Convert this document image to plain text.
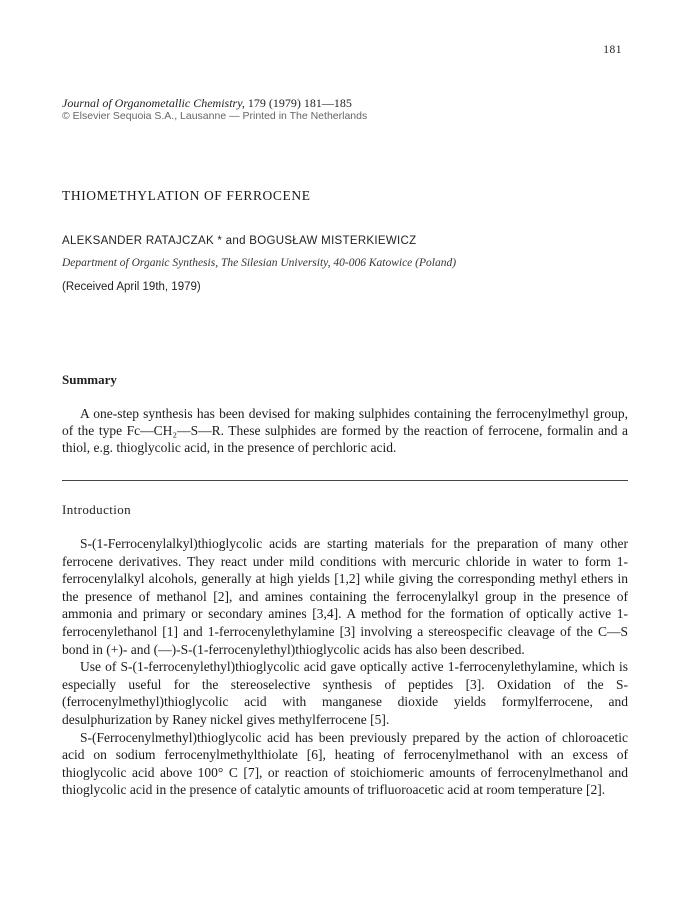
181
Journal of Organometallic Chemistry, 179 (1979) 181—185
© Elsevier Sequoia S.A., Lausanne — Printed in The Netherlands
THIOMETHYLATION OF FERROCENE
ALEKSANDER RATAJCZAK * and BOGUSŁAW MISTERKIEWICZ
Department of Organic Synthesis, The Silesian University, 40-006 Katowice (Poland)
(Received April 19th, 1979)
Summary

A one-step synthesis has been devised for making sulphides containing the ferrocenylmethyl group, of the type Fc—CH₂—S—R. These sulphides are formed by the reaction of ferrocene, formalin and a thiol, e.g. thioglycolic acid, in the presence of perchloric acid.

Introduction

S-(1-Ferrocenylalkyl)thioglycolic acids are starting materials for the preparation of many other ferrocene derivatives. They react under mild conditions with mercuric chloride in water to form 1-ferrocenylalkyl alcohols, generally at high yields [1,2] while giving the corresponding methyl ethers in the presence of methanol [2], and amines containing the ferrocenylalkyl group in the presence of ammonia and primary or secondary amines [3,4]. A method for the formation of optically active 1-ferrocenylethanol [1] and 1-ferrocenylethylamine [3] involving a stereospecific cleavage of the C—S bond in (+)- and (—)-S-(1-ferrocenylethyl)thioglycolic acids has also been described.

Use of S-(1-ferrocenylethyl)thioglycolic acid gave optically active 1-ferrocenylethylamine, which is especially useful for the stereoselective synthesis of peptides [3]. Oxidation of the S-(ferrocenylmethyl)thioglycolic acid with manganese dioxide yields formylferrocene, and desulphurization by Raney nickel gives methylferrocene [5].

S-(Ferrocenylmethyl)thioglycolic acid has been previously prepared by the action of chloroacetic acid on sodium ferrocenylmethylthiolate [6], heating of ferrocenylmethanol with an excess of thioglycolic acid above 100° C [7], or reaction of stoichiomeric amounts of ferrocenylmethanol and thioglycolic acid in the presence of catalytic amounts of trifluoroacetic acid at room temperature [2].
